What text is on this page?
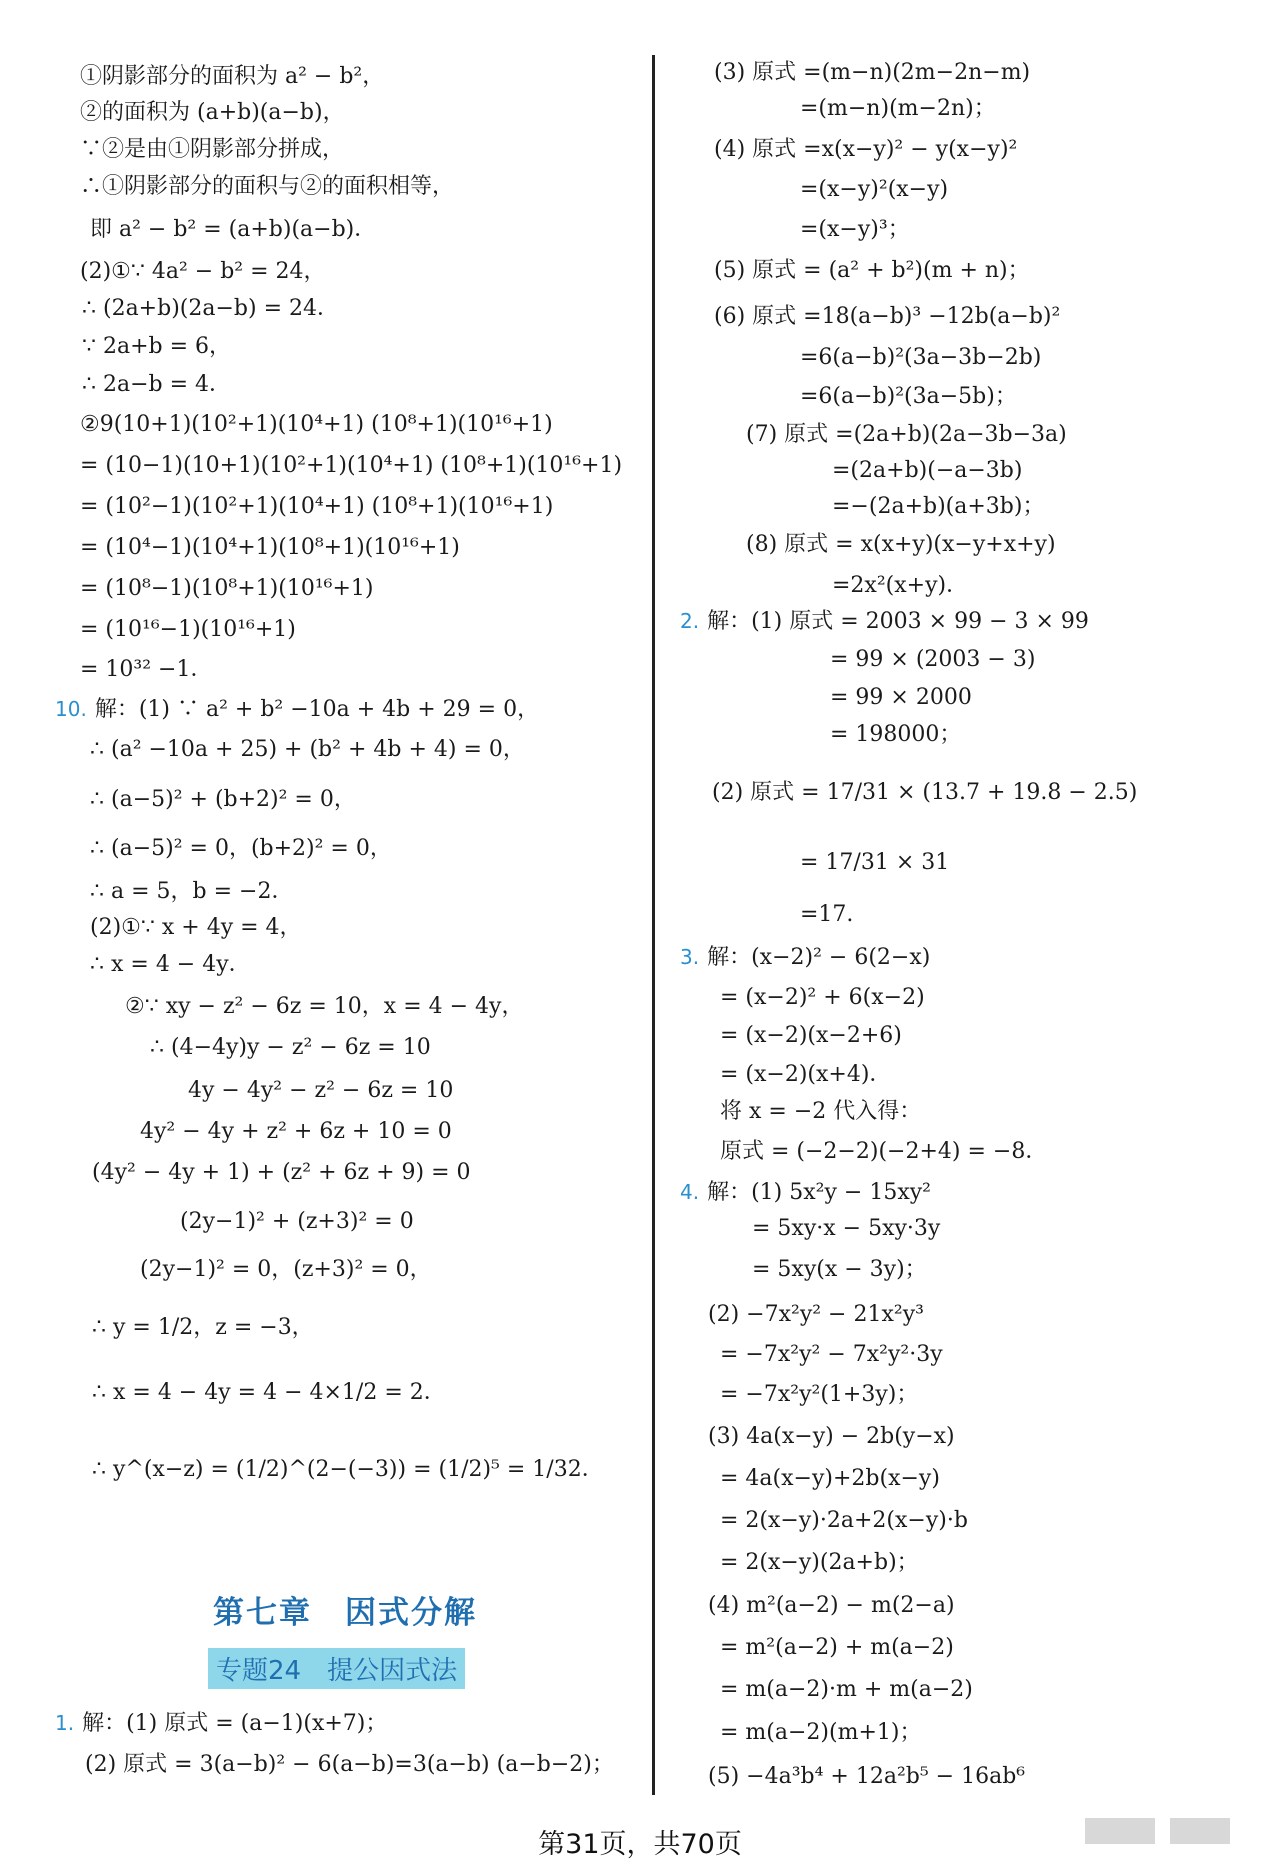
①阴影部分的面积为 a² − b²，
②的面积为 (a+b)(a−b)，
∵②是由①阴影部分拼成，
∴①阴影部分的面积与②的面积相等，
即 a² − b² = (a+b)(a−b)．
(2)①∵ 4a² − b² = 24，
∴ (2a+b)(2a−b) = 24．
∵ 2a+b = 6，
∴ 2a−b = 4．
②9(10+1)(10²+1)(10⁴+1) (10⁸+1)(10¹⁶+1)
= (10−1)(10+1)(10²+1)(10⁴+1) (10⁸+1)(10¹⁶+1)
= (10²−1)(10²+1)(10⁴+1) (10⁸+1)(10¹⁶+1)
= (10⁴−1)(10⁴+1)(10⁸+1)(10¹⁶+1)
= (10⁸−1)(10⁸+1)(10¹⁶+1)
= (10¹⁶−1)(10¹⁶+1)
= 10³² −1．
10. 解：(1) ∵ a² + b² −10a + 4b + 29 = 0，
∴ (a² −10a + 25) + (b² + 4b + 4) = 0，
∴ (a−5)² + (b+2)² = 0，
∴ (a−5)² = 0，(b+2)² = 0，
∴ a = 5，b = −2．
(2)①∵ x + 4y = 4，
∴ x = 4 − 4y．
②∵ xy − z² − 6z = 10，x = 4 − 4y，
∴ (4−4y)y − z² − 6z = 10
4y − 4y² − z² − 6z = 10
4y² − 4y + z² + 6z + 10 = 0
(4y² − 4y + 1) + (z² + 6z + 9) = 0
(2y−1)² + (z+3)² = 0
(2y−1)² = 0，(z+3)² = 0，
∴ y = 1/2，z = −3，
∴ x = 4 − 4y = 4 − 4×1/2 = 2．
∴ y^(x−z) = (1/2)^(2−(−3)) = (1/2)⁵ = 1/32．
第七章　因式分解
专题24　提公因式法
1. 解：(1) 原式 = (a−1)(x+7)；
(2) 原式 = 3(a−b)² − 6(a−b)=3(a−b) (a−b−2)；
(3) 原式 =(m−n)(2m−2n−m)
=(m−n)(m−2n)；
(4) 原式 =x(x−y)² − y(x−y)²
=(x−y)²(x−y)
=(x−y)³；
(5) 原式 = (a² + b²)(m + n)；
(6) 原式 =18(a−b)³ −12b(a−b)²
=6(a−b)²(3a−3b−2b)
=6(a−b)²(3a−5b)；
(7) 原式 =(2a+b)(2a−3b−3a)
=(2a+b)(−a−3b)
=−(2a+b)(a+3b)；
(8) 原式 = x(x+y)(x−y+x+y)
=2x²(x+y)．
2. 解：(1) 原式 = 2003 × 99 − 3 × 99
= 99 × (2003 − 3)
= 99 × 2000
= 198000；
(2) 原式 = 17/31 × (13.7 + 19.8 − 2.5)
= 17/31 × 31
=17.
3. 解：(x−2)² − 6(2−x)
= (x−2)² + 6(x−2)
= (x−2)(x−2+6)
= (x−2)(x+4)．
将 x = −2 代入得：
原式 = (−2−2)(−2+4) = −8．
4. 解：(1) 5x²y − 15xy²
= 5xy·x − 5xy·3y
= 5xy(x − 3y)；
(2) −7x²y² − 21x²y³
= −7x²y² − 7x²y²·3y
= −7x²y²(1+3y)；
(3) 4a(x−y) − 2b(y−x)
= 4a(x−y)+2b(x−y)
= 2(x−y)·2a+2(x−y)·b
= 2(x−y)(2a+b)；
(4) m²(a−2) − m(2−a)
= m²(a−2) + m(a−2)
= m(a−2)·m + m(a−2)
= m(a−2)(m+1)；
(5) −4a³b⁴ + 12a²b⁵ − 16ab⁶
第31页，共70页
